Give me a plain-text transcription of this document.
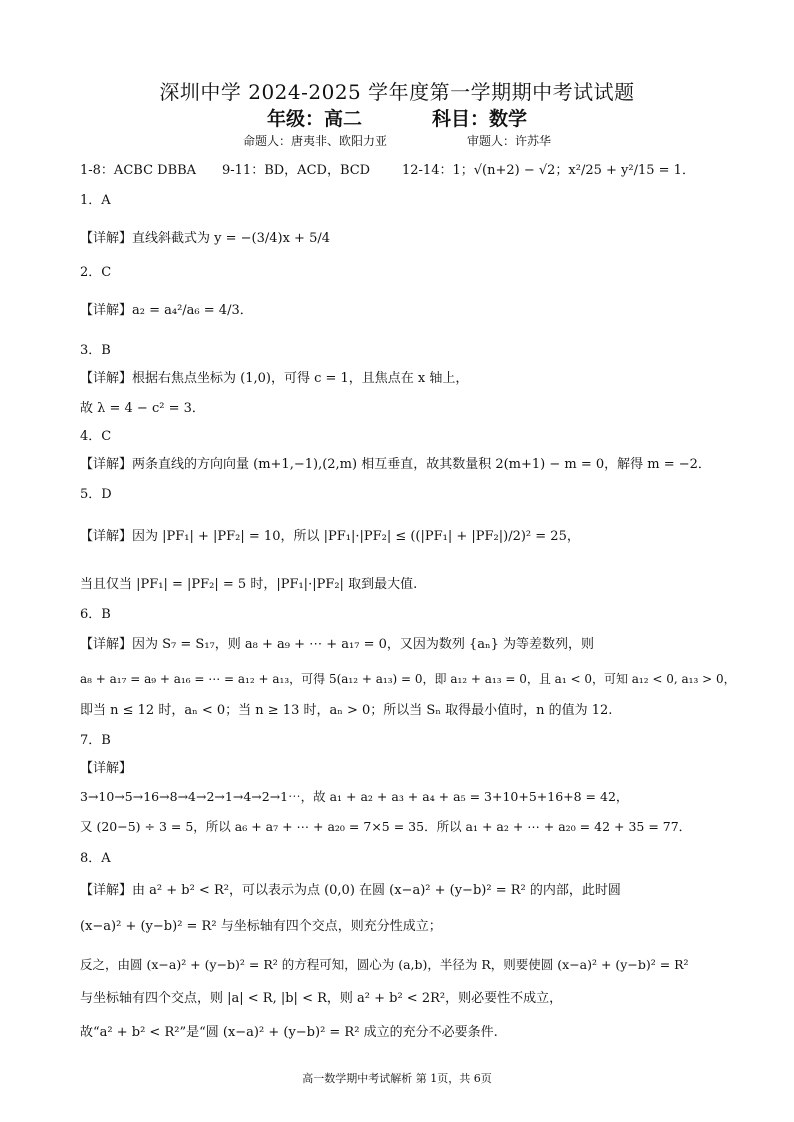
深圳中学 2024-2025 学年度第一学期期中考试试题
年级：高二	科目：数学
命题人：唐夷非、欧阳力亚	审题人：许苏华
1-8：ACBC DBBA 9-11：BD，ACD，BCD 12-14：1；√(n+2) − √2；x²/25 + y²/15 = 1．
1．A
【详解】直线斜截式为 y = −(3/4)x + 5/4
2．C
【详解】a₂ = a₄²/a₆ = 4/3．
3．B
【详解】根据右焦点坐标为 (1,0)，可得 c = 1，且焦点在 x 轴上，
故 λ = 4 − c² = 3．
4．C
【详解】两条直线的方向向量 (m+1,−1),(2,m) 相互垂直，故其数量积 2(m+1) − m = 0，解得 m = −2．
5．D
【详解】因为 |PF₁| + |PF₂| = 10，所以 |PF₁|·|PF₂| ≤ ((|PF₁| + |PF₂|)/2)² = 25，
当且仅当 |PF₁| = |PF₂| = 5 时，|PF₁|·|PF₂| 取到最大值.
6．B
【详解】因为 S₇ = S₁₇，则 a₈ + a₉ + ⋯ + a₁₇ = 0，又因为数列 {aₙ} 为等差数列，则
a₈ + a₁₇ = a₉ + a₁₆ = ⋯ = a₁₂ + a₁₃，可得 5(a₁₂ + a₁₃) = 0，即 a₁₂ + a₁₃ = 0，且 a₁ < 0，可知 a₁₂ < 0, a₁₃ > 0，
即当 n ≤ 12 时，aₙ < 0；当 n ≥ 13 时，aₙ > 0；所以当 Sₙ 取得最小值时，n 的值为 12.
7．B
【详解】
3→10→5→16→8→4→2→1→4→2→1⋯，故 a₁ + a₂ + a₃ + a₄ + a₅ = 3+10+5+16+8 = 42，
又 (20−5) ÷ 3 = 5，所以 a₆ + a₇ + ⋯ + a₂₀ = 7×5 = 35．所以 a₁ + a₂ + ⋯ + a₂₀ = 42 + 35 = 77．
8．A
【详解】由 a² + b² < R²，可以表示为点 (0,0) 在圆 (x−a)² + (y−b)² = R² 的内部，此时圆
(x−a)² + (y−b)² = R² 与坐标轴有四个交点，则充分性成立；
反之，由圆 (x−a)² + (y−b)² = R² 的方程可知，圆心为 (a,b)，半径为 R，则要使圆 (x−a)² + (y−b)² = R²
与坐标轴有四个交点，则 |a| < R, |b| < R，则 a² + b² < 2R²，则必要性不成立，
故“a² + b² < R²”是“圆 (x−a)² + (y−b)² = R² 成立的充分不必要条件.
高一数学期中考试解析 第 1页，共 6页
